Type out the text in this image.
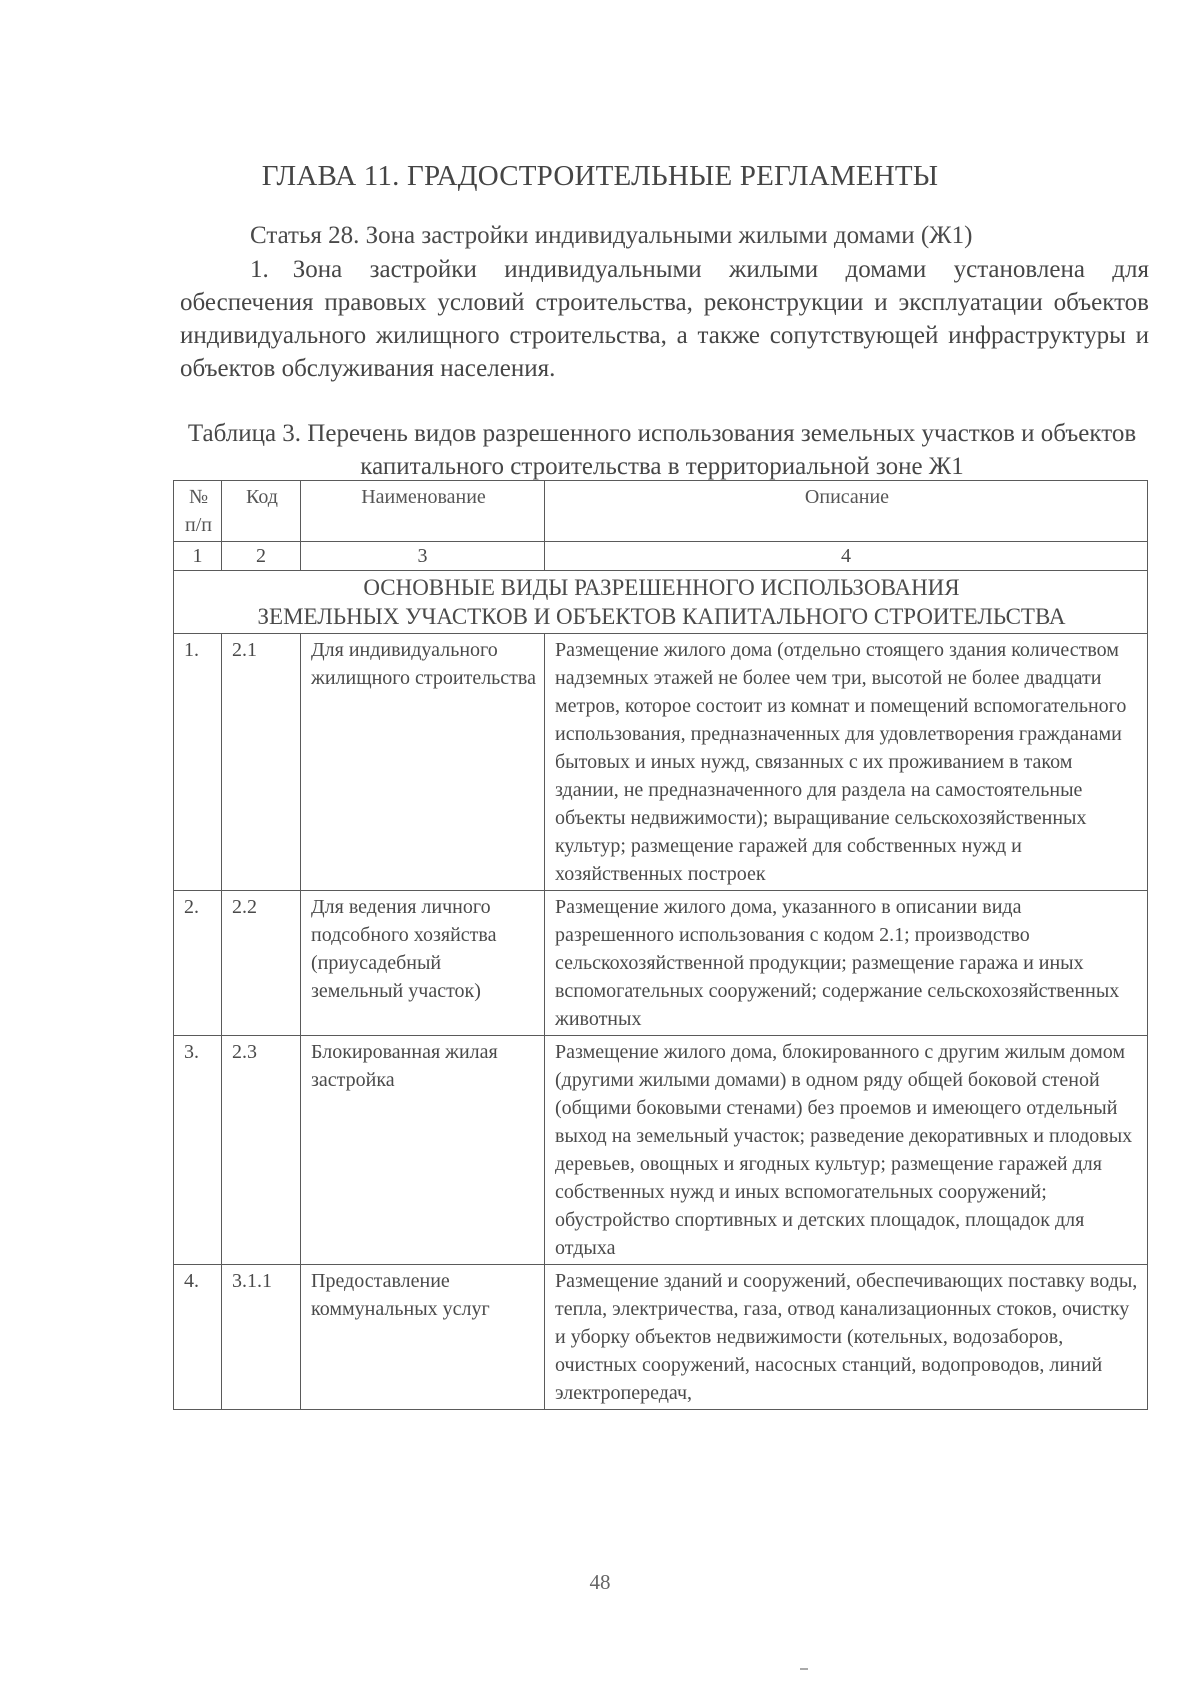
ГЛАВА 11. ГРАДОСТРОИТЕЛЬНЫЕ РЕГЛАМЕНТЫ
Статья 28. Зона застройки индивидуальными жилыми домами (Ж1)
1. Зона застройки индивидуальными жилыми домами установлена для обеспечения правовых условий строительства, реконструкции и эксплуатации объектов индивидуального жилищного строительства, а также сопутствующей инфраструктуры и объектов обслуживания населения.
Таблица 3. Перечень видов разрешенного использования земельных участков и объектов капитального строительства в территориальной зоне Ж1
№ п/п	Код	Наименование	Описание
1	2	3	4

ОСНОВНЫЕ ВИДЫ РАЗРЕШЕННОГО ИСПОЛЬЗОВАНИЯ
ЗЕМЕЛЬНЫХ УЧАСТКОВ И ОБЪЕКТОВ КАПИТАЛЬНОГО СТРОИТЕЛЬСТВА			

1.	2.1	Для индивидуального жилищного строительства	Размещение жилого дома (отдельно стоящего здания количеством надземных этажей не более чем три, высотой не более двадцати метров, которое состоит из комнат и помещений вспомогательного использования, предназначенных для удовлетворения гражданами бытовых и иных нужд, связанных с их проживанием в таком здании, не предназначенного для раздела на самостоятельные объекты недвижимости); выращивание сельскохозяйственных культур; размещение гаражей для собственных нужд и хозяйственных построек
2.	2.2	Для ведения личного подсобного хозяйства (приусадебный земельный участок)	Размещение жилого дома, указанного в описании вида разрешенного использования с кодом 2.1; производство сельскохозяйственной продукции; размещение гаража и иных вспомогательных сооружений; содержание сельскохозяйственных животных
3.	2.3	Блокированная жилая застройка	Размещение жилого дома, блокированного с другим жилым домом (другими жилыми домами) в одном ряду общей боковой стеной (общими боковыми стенами) без проемов и имеющего отдельный выход на земельный участок; разведение декоративных и плодовых деревьев, овощных и ягодных культур; размещение гаражей для собственных нужд и иных вспомогательных сооружений; обустройство спортивных и детских площадок, площадок для отдыха
4.	3.1.1	Предоставление коммунальных услуг	Размещение зданий и сооружений, обеспечивающих поставку воды, тепла, электричества, газа, отвод канализационных стоков, очистку и уборку объектов недвижимости (котельных, водозаборов, очистных сооружений, насосных станций, водопроводов, линий электропередач,
48
